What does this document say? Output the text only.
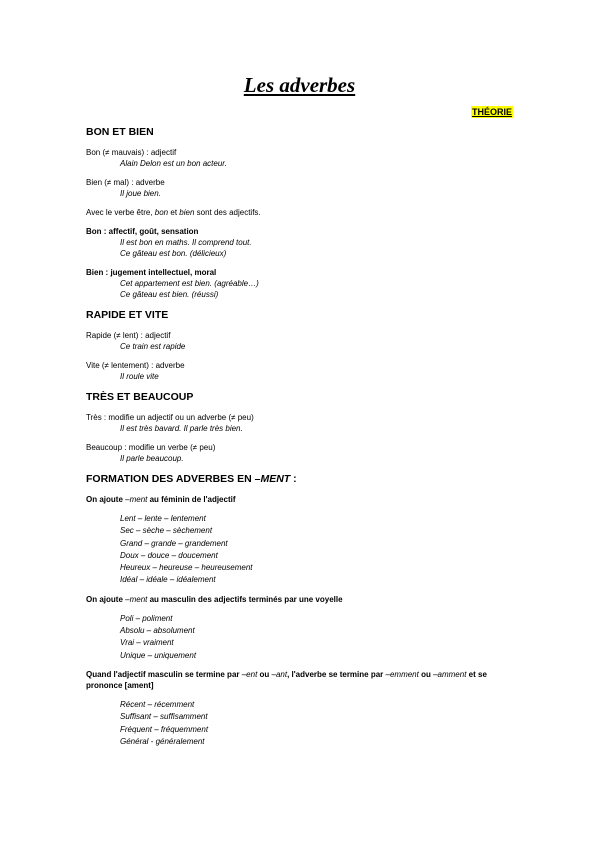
Les adverbes
THÉORIE
BON ET BIEN
Bon (≠ mauvais) : adjectif
Alain Delon est un bon acteur.
Bien (≠ mal) : adverbe
Il joue bien.
Avec le verbe être, bon et bien sont des adjectifs.
Bon : affectif, goût, sensation
Il est bon en maths. Il comprend tout.
Ce gâteau est bon. (délicieux)
Bien : jugement intellectuel, moral
Cet appartement est bien. (agréable…)
Ce gâteau est bien. (réussi)
RAPIDE ET VITE
Rapide (≠ lent) : adjectif
Ce train est rapide
Vite (≠ lentement) : adverbe
Il roule vite
TRÈS ET BEAUCOUP
Très : modifie un adjectif ou un adverbe (≠ peu)
Il est très bavard. Il parle très bien.
Beaucoup : modifie un verbe (≠ peu)
Il parle beaucoup.
FORMATION DES ADVERBES EN –MENT :
On ajoute –ment au féminin de l'adjectif
Lent – lente – lentement
Sec – sèche – sèchement
Grand – grande – grandement
Doux – douce – doucement
Heureux – heureuse – heureusement
Idéal – idéale – idéalement
On ajoute –ment au masculin des adjectifs terminés par une voyelle
Poli – poliment
Absolu – absolument
Vrai – vraiment
Unique – uniquement
Quand l'adjectif masculin se termine par –ent ou –ant, l'adverbe se termine par –emment ou –amment et se prononce [ament]
Récent – récemment
Suffisant – suffisamment
Fréquent – fréquemment
Général - généralement
